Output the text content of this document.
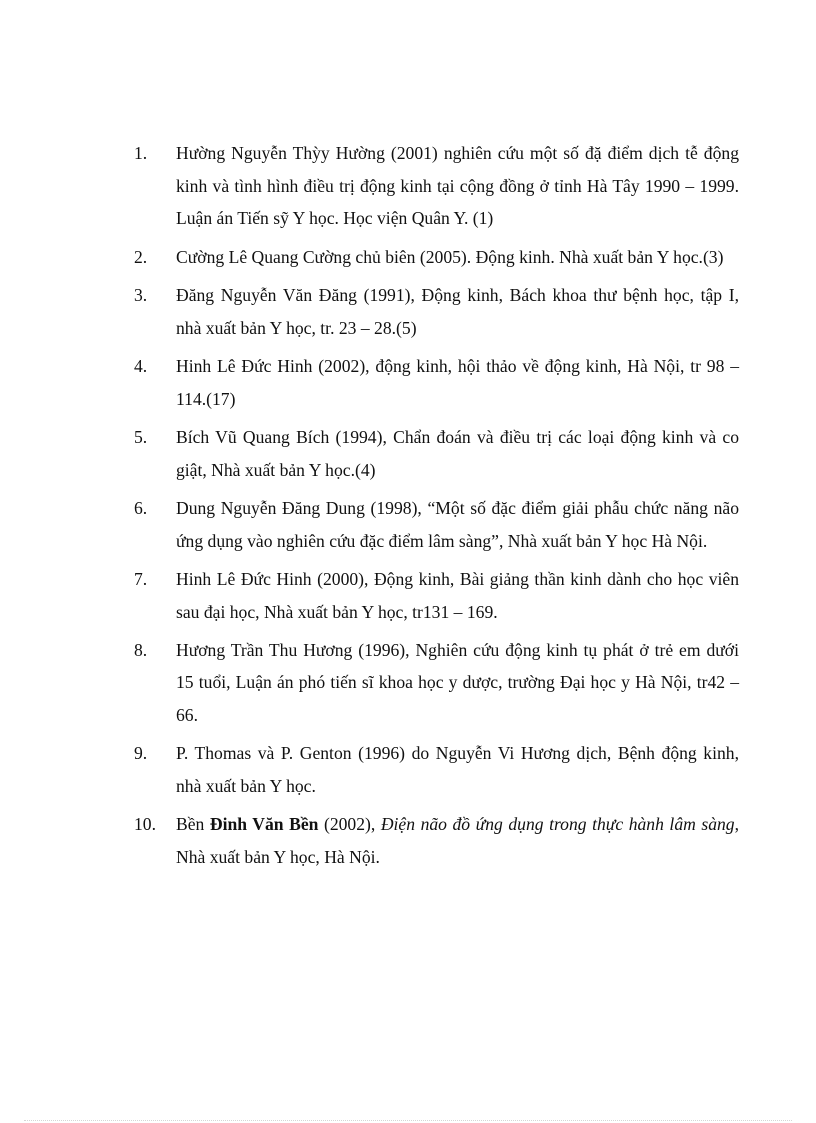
1.	Hường Nguyễn Thỳy Hường (2001) nghiên cứu một số đặ điểm dịch tễ động kinh và tình hình điều trị động kinh tại cộng đồng ở tỉnh Hà Tây 1990 – 1999. Luận án Tiến sỹ Y học. Học viện Quân Y. (1)
2.	Cường Lê Quang Cường chủ biên (2005). Động kinh. Nhà xuất bản Y học.(3)
3.	Đăng Nguyễn Văn Đăng (1991), Động kinh, Bách khoa thư bệnh học, tập I, nhà xuất bản Y học, tr. 23 – 28.(5)
4.	Hinh Lê Đức Hinh (2002), động kinh, hội thảo về động kinh, Hà Nội, tr 98 – 114.(17)
5.	Bích Vũ Quang Bích (1994), Chẩn đoán và điều trị các loại động kinh và co giật, Nhà xuất bản Y học.(4)
6.	Dung Nguyễn Đăng Dung (1998), “Một số đặc điểm giải phẫu chức năng não ứng dụng vào nghiên cứu đặc điểm lâm sàng”, Nhà xuất bản Y học Hà Nội.
7.	Hinh Lê Đức Hinh (2000), Động kinh, Bài giảng thần kinh dành cho học viên sau đại học, Nhà xuất bản Y học, tr131 – 169.
8.	Hương Trần Thu Hương (1996), Nghiên cứu động kinh tụ phát ở trẻ em dưới 15 tuổi, Luận án phó tiến sĩ khoa học y dược, trường Đại học y Hà Nội, tr42 – 66.
9.	P. Thomas và P. Genton (1996) do Nguyễn Vi Hương dịch, Bệnh động kinh, nhà xuất bản Y học.
10.	Bền Đinh Văn Bền (2002), Điện não đồ ứng dụng trong thực hành lâm sàng, Nhà xuất bản Y học, Hà Nội.
